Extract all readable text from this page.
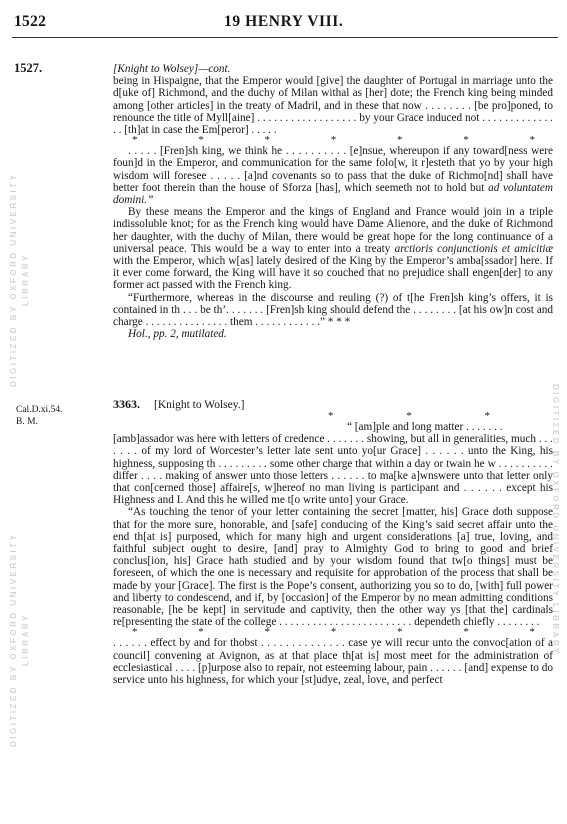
1522	19 HENRY VIII.
1527.
DIGITIZED BY OXFORD UNIVERSITY LIBRARY
DIGITIZED BY OXFORD UNIVERSITY LIBRARY	DIGITIZED BY OXFORD UNIVERSITY LIBRARY

[Knight to Wolsey]—cont.

being in Hispaigne, that the Emperor would [give] the daughter of Portugal in marriage unto the d[uke of] Richmond, and the duchy of Milan withal as [her] dote; the French king being minded among [other articles] in the treaty of Madril, and in these that now . . . . . . . . [be pro]poned, to renounce the title of Myll[aine] . . . . . . . . . . . . . . . . . . by your Grace induced not . . . . . . . . . . . . . . . [th]at in case the Em[peror] . . . . .

* * * * * * *

. . . . . [Fren]sh king, we think he . . . . . . . . . . [e]nsue, whereupon if any toward[ness were foun]d in the Emperor, and communication for the same folo[w, it r]esteth that yo by your high wisdom will foresee . . . . . [a]nd covenants so to pass that the duke of Richmo[nd] shall have better foot therein than the house of Sforza [has], which seemeth not to hold but ad voluntatem domini.”

By these means the Emperor and the kings of England and France would join in a triple indissoluble knot; for as the French king would have Dame Alienore, and the duke of Richmond her daughter, with the duchy of Milan, there would be great hope for the long continuance of a universal peace. This would be a way to enter into a treaty arctioris conjunctionis et amicitiæ with the Emperor, which w[as] lately desired of the King by the Emperor’s amba[ssador] here. If it ever come forward, the King will have it so couched that no prejudice shall engen[der] to any former act passed with the French king.

“Furthermore, whereas in the discourse and reuling (?) of t[he Fren]sh king’s offers, it is contained in th . . . be th’. . . . . . . [Fren]sh king should defend the . . . . . . . . [at his ow]n cost and charge . . . . . . . . . . . . . . . them . . . . . . . . . . . .” * * *

Hol., pp. 2, mutilated.

Cal.D.xi.54.
B. M.

3363. [Knight to Wolsey.]

* * *

“ [am]ple and long matter . . . . . . .

[amb]assador was here with letters of credence . . . . . . . showing, but all in generalities, much . . . . . . . of my lord of Worcester’s letter late sent unto yo[ur Grace] . . . . . . unto the King, his highness, supposing th . . . . . . . . . some other charge that within a day or twain he w . . . . . . . . . . differ . . . . making of answer unto those letters . . . . . . to ma[ke a]wnswere unto that letter only that con[cerned those] affaire[s, w]hereof no man living is participant and . . . . . . except his Highness and I. And this he willed me t[o write unto] your Grace.

“As touching the tenor of your letter containing the secret [matter, his] Grace doth suppose that for the more sure, honorable, and [safe] conducing of the King’s said secret affair unto the end th[at is] purposed, which for many high and urgent considerations [a] true, loving, and faithful subject ought to desire, [and] pray to Almighty God to bring to good and brief conclus[ion, his] Grace hath studied and by your wisdom found that tw[o things] must be foreseen, of which the one is necessary and requisite for approbation of the process that shall be made by your [Grace]. The first is the Pope’s consent, authorizing you so to do, [with] full power and liberty to condescend, and if, by [occasion] of the Emperor by no mean admitting conditions reasonable, [he be kept] in servitude and captivity, then the other way ys [that the] cardinals re[presenting the state of the college . . . . . . . . . . . . . . . . . . . . . . . . dependeth chiefly . . . . . . . .

* * * * * * *

. . . . . . effect by and for thobst . . . . . . . . . . . . . . case ye will recur unto the convoc[ation of a council] convening at Avignon, as at that place th[at is] most meet for the administration of ecclesiastical . . . . [p]urpose also to repair, not esteeming labour, pain . . . . . . [and] expense to do service unto his highness, for which your [st]udye, zeal, love, and perfect
